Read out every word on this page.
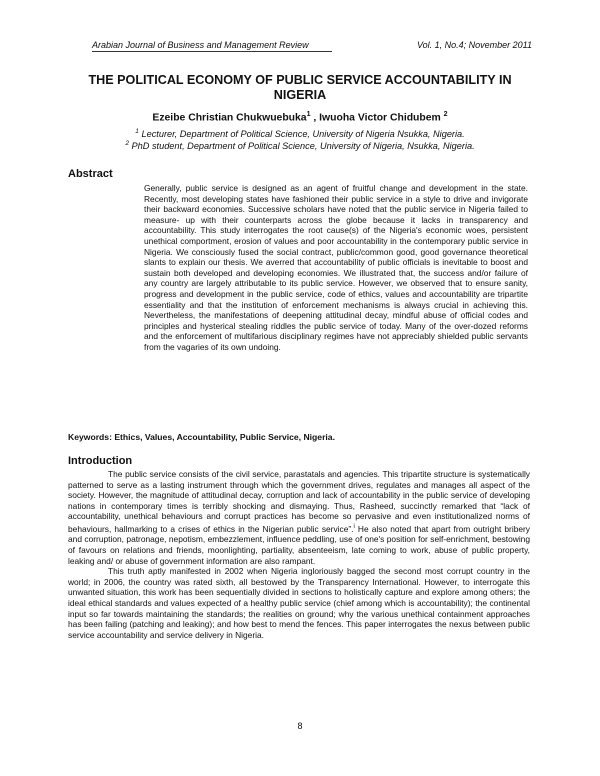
Arabian Journal of Business and Management Review	Vol. 1, No.4; November 2011
THE POLITICAL ECONOMY OF PUBLIC SERVICE ACCOUNTABILITY IN NIGERIA
Ezeibe Christian Chukwuebuka$^1$ , Iwuoha Victor Chidubem $^2$
$^1$ Lecturer, Department of Political Science, University of Nigeria Nsukka, Nigeria.
$^2$ PhD student, Department of Political Science, University of Nigeria, Nsukka, Nigeria.
Abstract
Generally, public service is designed as an agent of fruitful change and development in the state. Recently, most developing states have fashioned their public service in a style to drive and invigorate their backward economies. Successive scholars have noted that the public service in Nigeria failed to measure- up with their counterparts across the globe because it lacks in transparency and accountability. This study interrogates the root cause(s) of the Nigeria's economic woes, persistent unethical comportment, erosion of values and poor accountability in the contemporary public service in Nigeria. We consciously fused the social contract, public/common good, good governance theoretical slants to explain our thesis. We averred that accountability of public officials is inevitable to boost and sustain both developed and developing economies. We illustrated that, the success and/or failure of any country are largely attributable to its public service. However, we observed that to ensure sanity, progress and development in the public service, code of ethics, values and accountability are tripartite essentiality and that the institution of enforcement mechanisms is always crucial in achieving this. Nevertheless, the manifestations of deepening attitudinal decay, mindful abuse of official codes and principles and hysterical stealing riddles the public service of today. Many of the over-dozed reforms and the enforcement of multifarious disciplinary regimes have not appreciably shielded public servants from the vagaries of its own undoing.
Keywords: Ethics, Values, Accountability, Public Service, Nigeria.
Introduction

The public service consists of the civil service, parastatals and agencies. This tripartite structure is systematically patterned to serve as a lasting instrument through which the government drives, regulates and manages all aspect of the society. However, the magnitude of attitudinal decay, corruption and lack of accountability in the public service of developing nations in contemporary times is terribly shocking and dismaying. Thus, Rasheed, succinctly remarked that “lack of accountability, unethical behaviours and corrupt practices has become so pervasive and even institutionalized norms of behaviours, hallmarking to a crises of ethics in the Nigerian public service”.$^i$ He also noted that apart from outright bribery and corruption, patronage, nepotism, embezzlement, influence peddling, use of one's position for self-enrichment, bestowing of favours on relations and friends, moonlighting, partiality, absenteeism, late coming to work, abuse of public property, leaking and/ or abuse of government information are also rampant.

This truth aptly manifested in 2002 when Nigeria ingloriously bagged the second most corrupt country in the world; in 2006, the country was rated sixth, all bestowed by the Transparency International. However, to interrogate this unwanted situation, this work has been sequentially divided in sections to holistically capture and explore among others; the ideal ethical standards and values expected of a healthy public service (chief among which is accountability); the continental input so far towards maintaining the standards; the realities on ground; why the various unethical containment approaches has been failing (patching and leaking); and how best to mend the fences. This paper interrogates the nexus between public service accountability and service delivery in Nigeria.

8
